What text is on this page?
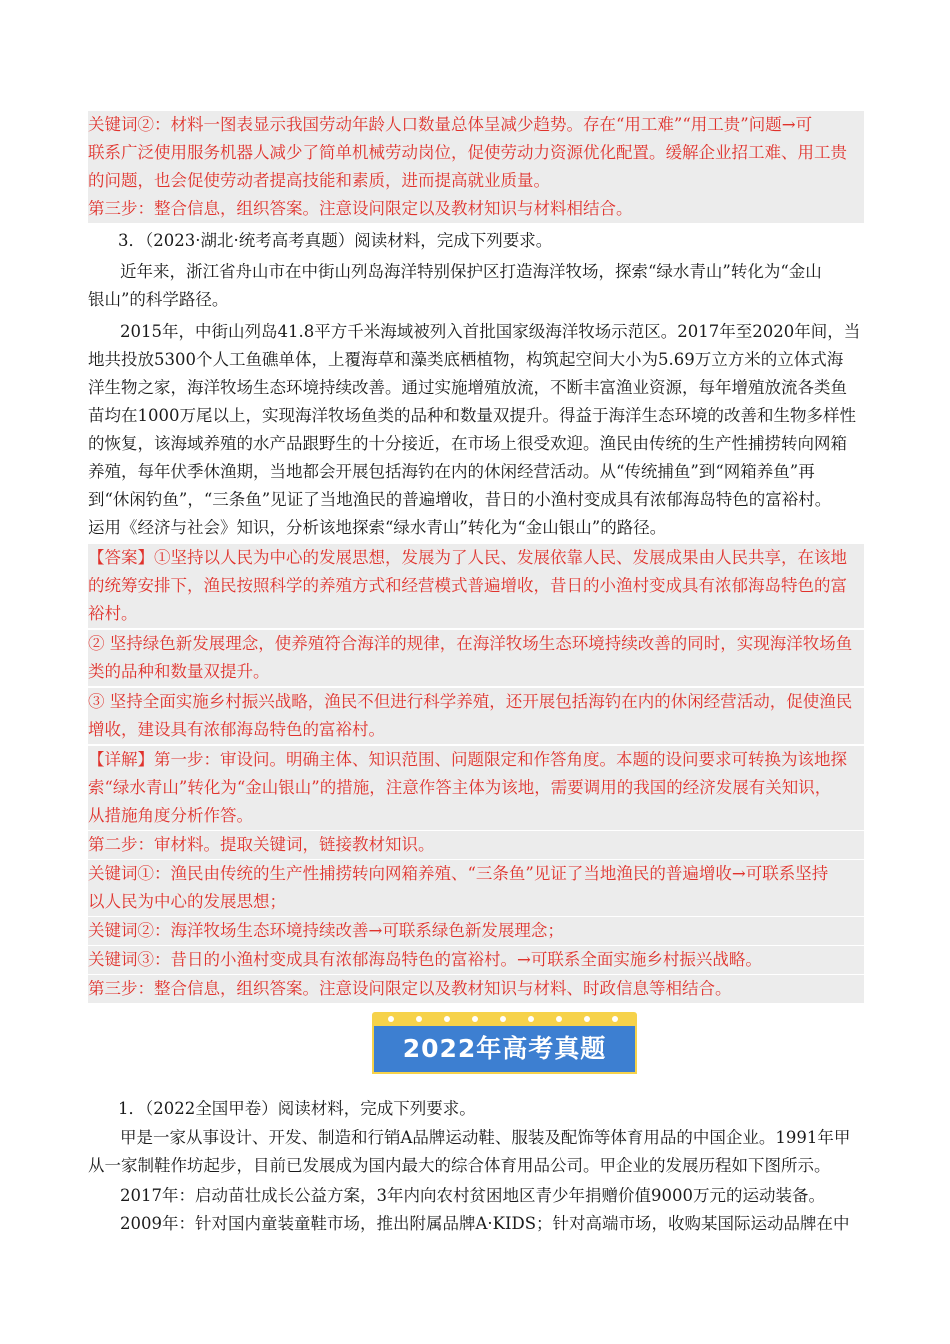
关键词②：材料一图表显示我国劳动年龄人口数量总体呈减少趋势。存在“用工难”“用工贵”问题→可
联系广泛使用服务机器人减少了简单机械劳动岗位，促使劳动力资源优化配置。缓解企业招工难、用工贵
的问题，也会促使劳动者提高技能和素质，进而提高就业质量。
第三步：整合信息，组织答案。注意设问限定以及教材知识与材料相结合。
3．（2023·湖北·统考高考真题）阅读材料，完成下列要求。
近年来，浙江省舟山市在中街山列岛海洋特别保护区打造海洋牧场，探索“绿水青山”转化为“金山
银山”的科学路径。
2015年，中街山列岛41.8平方千米海域被列入首批国家级海洋牧场示范区。2017年至2020年间，当
地共投放5300个人工鱼礁单体，上覆海草和藻类底栖植物，构筑起空间大小为5.69万立方米的立体式海
洋生物之家，海洋牧场生态环境持续改善。通过实施增殖放流，不断丰富渔业资源，每年增殖放流各类鱼
苗均在1000万尾以上，实现海洋牧场鱼类的品种和数量双提升。得益于海洋生态环境的改善和生物多样性
的恢复，该海域养殖的水产品跟野生的十分接近，在市场上很受欢迎。渔民由传统的生产性捕捞转向网箱
养殖，每年伏季休渔期，当地都会开展包括海钓在内的休闲经营活动。从“传统捕鱼”到“网箱养鱼”再
到“休闲钓鱼”，“三条鱼”见证了当地渔民的普遍增收，昔日的小渔村变成具有浓郁海岛特色的富裕村。
运用《经济与社会》知识，分析该地探索“绿水青山”转化为“金山银山”的路径。
【答案】①坚持以人民为中心的发展思想，发展为了人民、发展依靠人民、发展成果由人民共享，在该地
的统筹安排下，渔民按照科学的养殖方式和经营模式普遍增收，昔日的小渔村变成具有浓郁海岛特色的富
裕村。
② 坚持绿色新发展理念，使养殖符合海洋的规律，在海洋牧场生态环境持续改善的同时，实现海洋牧场鱼
类的品种和数量双提升。
③ 坚持全面实施乡村振兴战略，渔民不但进行科学养殖，还开展包括海钓在内的休闲经营活动，促使渔民
增收，建设具有浓郁海岛特色的富裕村。
【详解】第一步：审设问。明确主体、知识范围、问题限定和作答角度。本题的设问要求可转换为该地探
索“绿水青山”转化为“金山银山”的措施，注意作答主体为该地，需要调用的我国的经济发展有关知识，
从措施角度分析作答。
第二步：审材料。提取关键词，链接教材知识。
关键词①：渔民由传统的生产性捕捞转向网箱养殖、“三条鱼”见证了当地渔民的普遍增收→可联系坚持
以人民为中心的发展思想；
关键词②：海洋牧场生态环境持续改善→可联系绿色新发展理念；
关键词③：昔日的小渔村变成具有浓郁海岛特色的富裕村。→可联系全面实施乡村振兴战略。
第三步：整合信息，组织答案。注意设问限定以及教材知识与材料、时政信息等相结合。
2022年高考真题
1．（2022全国甲卷）阅读材料，完成下列要求。
甲是一家从事设计、开发、制造和行销A品牌运动鞋、服装及配饰等体育用品的中国企业。1991年甲
从一家制鞋作坊起步，目前已发展成为国内最大的综合体育用品公司。甲企业的发展历程如下图所示。
2017年：启动苗壮成长公益方案，3年内向农村贫困地区青少年捐赠价值9000万元的运动装备。
2009年：针对国内童装童鞋市场，推出附属品牌A·KIDS；针对高端市场，收购某国际运动品牌在中
